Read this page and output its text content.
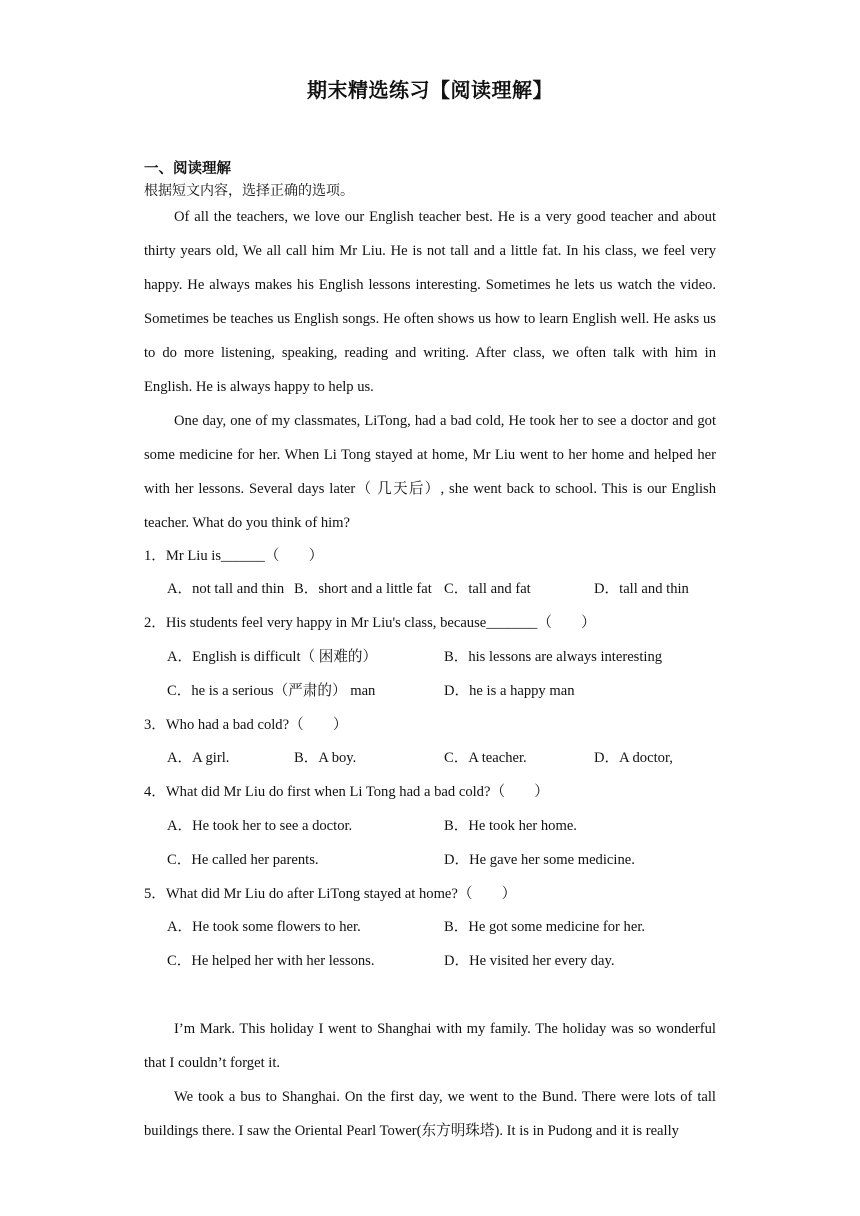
期末精选练习【阅读理解】
一、阅读理解
根据短文内容，选择正确的选项。

Of all the teachers, we love our English teacher best. He is a very good teacher and about thirty years old, We all call him Mr Liu. He is not tall and a little fat. In his class, we feel very happy. He always makes his English lessons interesting. Sometimes he lets us watch the video. Sometimes be teaches us English songs. He often shows us how to learn English well. He asks us to do more listening, speaking, reading and writing. After class, we often talk with him in English. He is always happy to help us.

One day, one of my classmates, LiTong, had a bad cold, He took her to see a doctor and got some medicine for her. When Li Tong stayed at home, Mr Liu went to her home and helped her with her lessons. Several days later（ 几天后）, she went back to school. This is our English teacher. What do you think of him?

1．Mr Liu is______（　　）
A．not tall and thin B．short and a little fat C．tall and fat	D．tall and thin
2．His students feel very happy in Mr Liu's class, because_______（　　）
A．English is difficult（ 困难的）	B．his lessons are always interesting
C．he is a serious（严肃的） man	D．he is a happy man
3．Who had a bad cold?（　　）
A．A girl.	B．A boy.	C．A teacher.	D．A doctor,
4．What did Mr Liu do first when Li Tong had a bad cold?（　　）
A．He took her to see a doctor.	B．He took her home.
C．He called her parents.	D．He gave her some medicine.
5．What did Mr Liu do after LiTong stayed at home?（　　）
A．He took some flowers to her.	B．He got some medicine for her.
C．He helped her with her lessons.	D．He visited her every day.

I’m Mark. This holiday I went to Shanghai with my family. The holiday was so wonderful that I couldn’t forget it.

We took a bus to Shanghai. On the first day, we went to the Bund. There were lots of tall buildings there. I saw the Oriental Pearl Tower(东方明珠塔). It is in Pudong and it is really
